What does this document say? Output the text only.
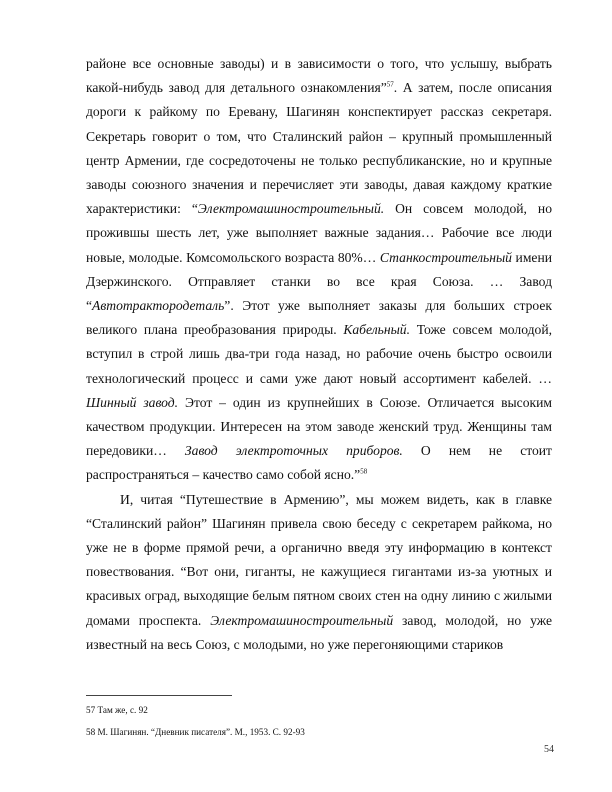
районе все основные заводы) и в зависимости о того, что услышу, выбрать какой-нибудь завод для детального ознакомления”$^{57}$. А затем, после описания дороги к райкому по Еревану, Шагинян конспектирует рассказ секретаря. Секретарь говорит о том, что Сталинский район – крупный промышленный центр Армении, где сосредоточены не только республиканские, но и крупные заводы союзного значения и перечисляет эти заводы, давая каждому краткие характеристики: “Электромашиностроительный. Он совсем молодой, но прожившы шесть лет, уже выполняет важные задания… Рабочие все люди новые, молодые. Комсомольского возраста 80%… Станкостроительный имени Дзержинского. Отправляет станки во все края Союза. … Завод “Автотрактородеталь”. Этот уже выполняет заказы для больших строек великого плана преобразования природы. Кабельный. Тоже совсем молодой, вступил в строй лишь два-три года назад, но рабочие очень быстро освоили технологический процесс и сами уже дают новый ассортимент кабелей. … Шинный завод. Этот – один из крупнейших в Союзе. Отличается высоким качеством продукции. Интересен на этом заводе женский труд. Женщины там передовики… Завод электроточных приборов. О нем не стоит распространяться – качество само собой ясно.”$^{58}$

И, читая “Путешествие в Армению”, мы можем видеть, как в главке “Сталинский район” Шагинян привела свою беседу с секретарем райкома, но уже не в форме прямой речи, а органично введя эту информацию в контекст повествования. “Вот они, гиганты, не кажущиеся гигантами из-за уютных и красивых оград, выходящие белым пятном своих стен на одну линию с жилыми домами проспекта. Электромашиностроительный завод, молодой, но уже известный на весь Союз, с молодыми, но уже перегоняющими стариков

57 Там же, с. 92
58 М. Шагинян. “Дневник писателя”. М., 1953. С. 92-93
54
